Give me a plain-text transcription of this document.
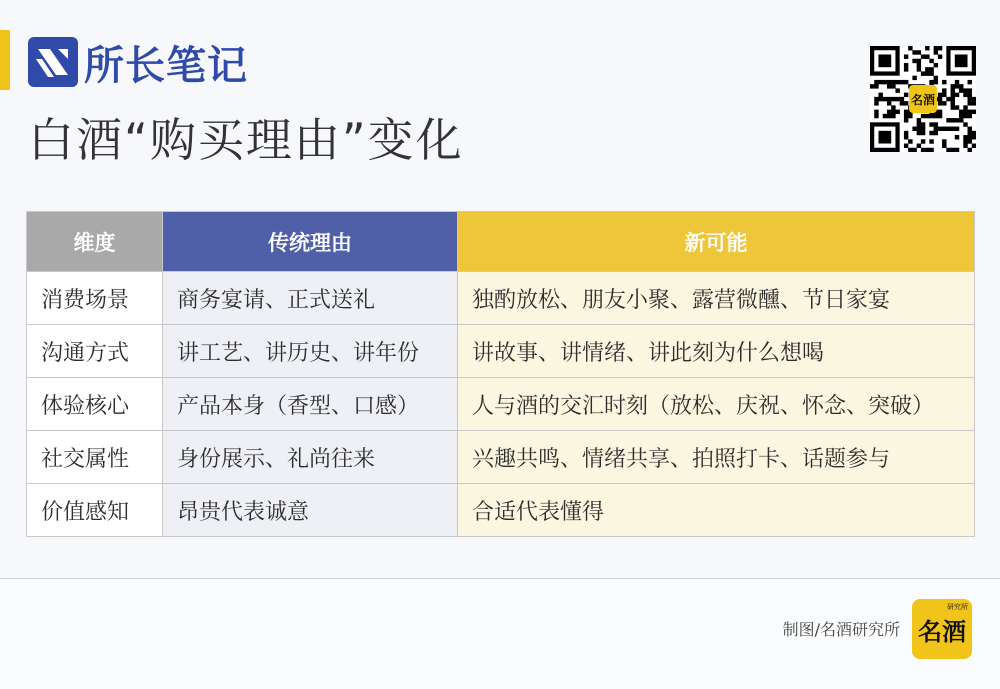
所长笔记
白酒“购买理由”变化
名酒
维度	传统理由	新可能
消费场景	商务宴请、正式送礼	独酌放松、朋友小聚、露营微醺、节日家宴
沟通方式	讲工艺、讲历史、讲年份	讲故事、讲情绪、讲此刻为什么想喝
体验核心	产品本身（香型、口感）	人与酒的交汇时刻（放松、庆祝、怀念、突破）
社交属性	身份展示、礼尚往来	兴趣共鸣、情绪共享、拍照打卡、话题参与
价值感知	昂贵代表诚意	合适代表懂得
制图/名酒研究所 名酒
研究所
